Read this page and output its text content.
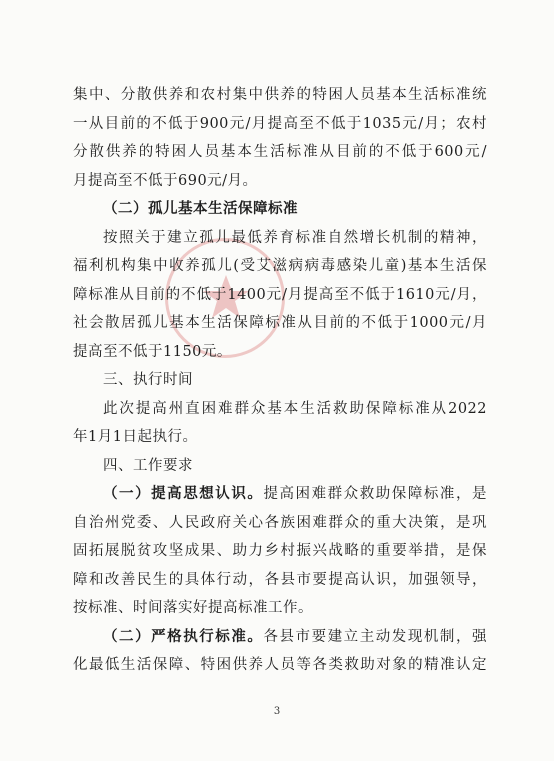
集中、分散供养和农村集中供养的特困人员基本生活标准统
一从目前的不低于900元/月提高至不低于1035元/月；农村
分散供养的特困人员基本生活标准从目前的不低于600元/
月提高至不低于690元/月。
（二）孤儿基本生活保障标准
按照关于建立孤儿最低养育标准自然增长机制的精神，
福利机构集中收养孤儿(受艾滋病病毒感染儿童)基本生活保
障标准从目前的不低于1400元/月提高至不低于1610元/月，
社会散居孤儿基本生活保障标准从目前的不低于1000元/月
提高至不低于1150元。
三、执行时间
此次提高州直困难群众基本生活救助保障标准从2022
年1月1日起执行。
四、工作要求
（一）提高思想认识。提高困难群众救助保障标准，是
自治州党委、人民政府关心各族困难群众的重大决策，是巩
固拓展脱贫攻坚成果、助力乡村振兴战略的重要举措，是保
障和改善民生的具体行动，各县市要提高认识，加强领导，
按标准、时间落实好提高标准工作。
（二）严格执行标准。各县市要建立主动发现机制，强
化最低生活保障、特困供养人员等各类救助对象的精准认定
3
